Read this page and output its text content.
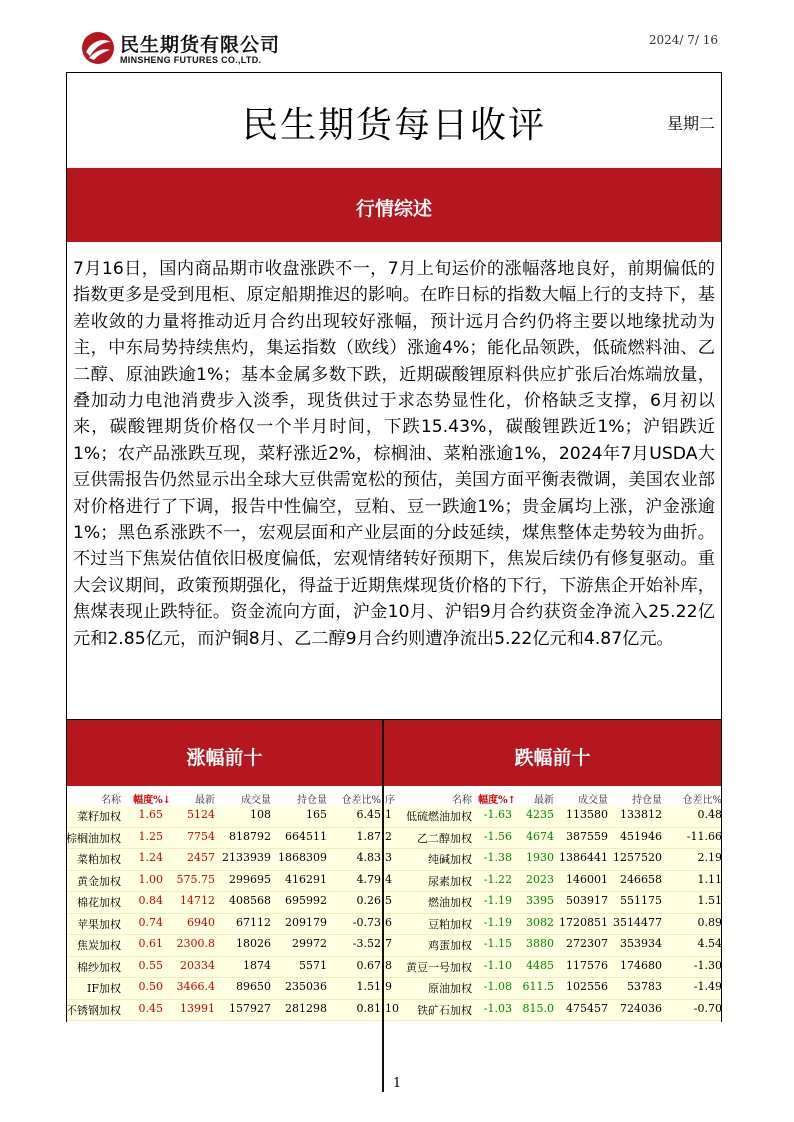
民生期货有限公司
MINSHENG FUTURES CO.,LTD.
2024/ 7/ 16
民生期货每日收评	星期二
行情综述

7月16日，国内商品期市收盘涨跌不一，7月上旬运价的涨幅落地良好，前期偏低的指数更多是受到甩柜、原定船期推迟的影响。在昨日标的指数大幅上行的支持下，基差收敛的力量将推动近月合约出现较好涨幅，预计远月合约仍将主要以地缘扰动为主，中东局势持续焦灼，集运指数（欧线）涨逾4%；能化品领跌，低硫燃料油、乙二醇、原油跌逾1%；基本金属多数下跌，近期碳酸锂原料供应扩张后冶炼端放量，叠加动力电池消费步入淡季，现货供过于求态势显性化，价格缺乏支撑，6月初以来，碳酸锂期货价格仅一个半月时间，下跌15.43%，碳酸锂跌近1%；沪铝跌近1%；农产品涨跌互现，菜籽涨近2%，棕榈油、菜粕涨逾1%，2024年7月USDA大豆供需报告仍然显示出全球大豆供需宽松的预估，美国方面平衡表微调，美国农业部对价格进行了下调，报告中性偏空，豆粕、豆一跌逾1%；贵金属均上涨，沪金涨逾1%；黑色系涨跌不一，宏观层面和产业层面的分歧延续，煤焦整体走势较为曲折。不过当下焦炭估值依旧极度偏低，宏观情绪转好预期下，焦炭后续仍有修复驱动。重大会议期间，政策预期强化，得益于近期焦煤现货价格的下行，下游焦企开始补库，焦煤表现止跌特征。资金流向方面，沪金10月、沪铝9月合约获资金净流入25.22亿元和2.85亿元，而沪铜8月、乙二醇9月合约则遭净流出5.22亿元和4.87亿元。

涨幅前十
名称 幅度%↓ 最新	成交量	持仓量 仓差比%
菜籽加权 1.65 5124	108	165	6.45
棕榈油加权 1.25 7754 818792 664511	1.87
菜粕加权 1.24 2457 2133939 1868309	4.83
黄金加权 1.00 575.75 299695 416291	4.79
棉花加权 0.84 14712 408568 695992	0.26
苹果加权 0.74 6940 67112 209179 -0.73
焦炭加权 0.61 2300.8 18026 29972 -3.52
棉纱加权 0.55 20334	1874	5571	0.67
IF加权 0.50 3466.4 89650 235036	1.51
不锈钢加权 0.45 13991 157927 281298	0.81
跌幅前十
序	名称 幅度%↑ 最新 成交量 持仓量 仓差比%
1 低硫燃油加权 -1.63 4235 113580 133812	0.48
2 乙二醇加权 -1.56 4674 387559 451946 -11.66
3	纯碱加权 -1.38 1930 1386441 1257520	2.19
4	尿素加权 -1.22 2023 146001 246658	1.11
5	燃油加权 -1.19 3395 503917 551175	1.51
6	豆粕加权 -1.19 3082 1720851 3514477	0.89
7	鸡蛋加权 -1.15 3880 272307 353934	4.54
8 黄豆一号加权 -1.10 4485 117576 174680	-1.30
9	原油加权 -1.08 611.5 102556 53783	-1.49
10 铁矿石加权 -1.03 815.0 475457 724036	-0.70
1
